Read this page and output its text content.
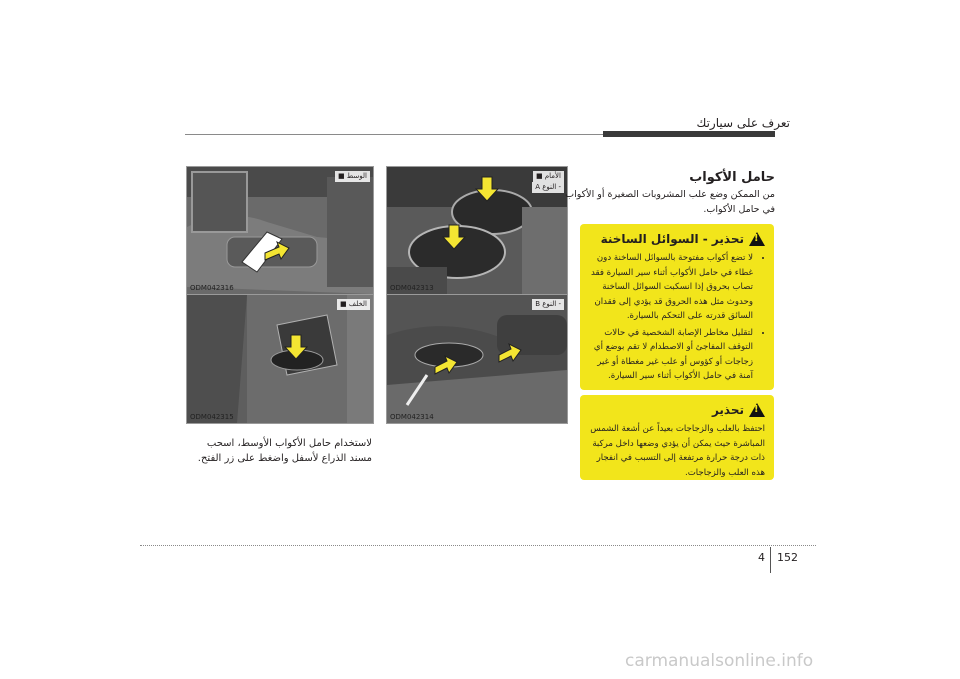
تعرف على سيارتك
ODM042313
الأمام ■
- النوع A
ODM042316
الوسط ■
ODM042314
- النوع B
ODM042315
الخلف ■
حامل الأكواب
من الممكن وضع علب المشروبات الصغيرة أو الأكواب في حامل الأكواب.
!
تحذير - السوائل الساخنة
• لا تضع أكواب مفتوحة بالسوائل الساخنة دون غطاء في حامل الأكواب أثناء سير السيارة فقد تصاب بحروق إذا انسكبت السوائل الساخنة وحدوث مثل هذه الحروق قد يؤدي إلى فقدان السائق قدرته على التحكم بالسيارة.
• لتقليل مخاطر الإصابة الشخصية في حالات التوقف المفاجئ أو الاصطدام لا تقم بوضع أي زجاجات أو كؤوس أو علب غير مغطاة أو غير آمنة في حامل الأكواب أثناء سير السيارة.
!
تحذير

احتفظ بالعلب والزجاجات بعيداً عن أشعة الشمس المباشرة حيث يمكن أن يؤدي وضعها داخل مركبة ذات درجة حرارة مرتفعة إلى التسبب في انفجار هذه العلب والزجاجات.

لاستخدام حامل الأكواب الأوسط، اسحب مسند الذراع لأسفل واضغط على زر الفتح.
4 152
carmanualsonline.info
